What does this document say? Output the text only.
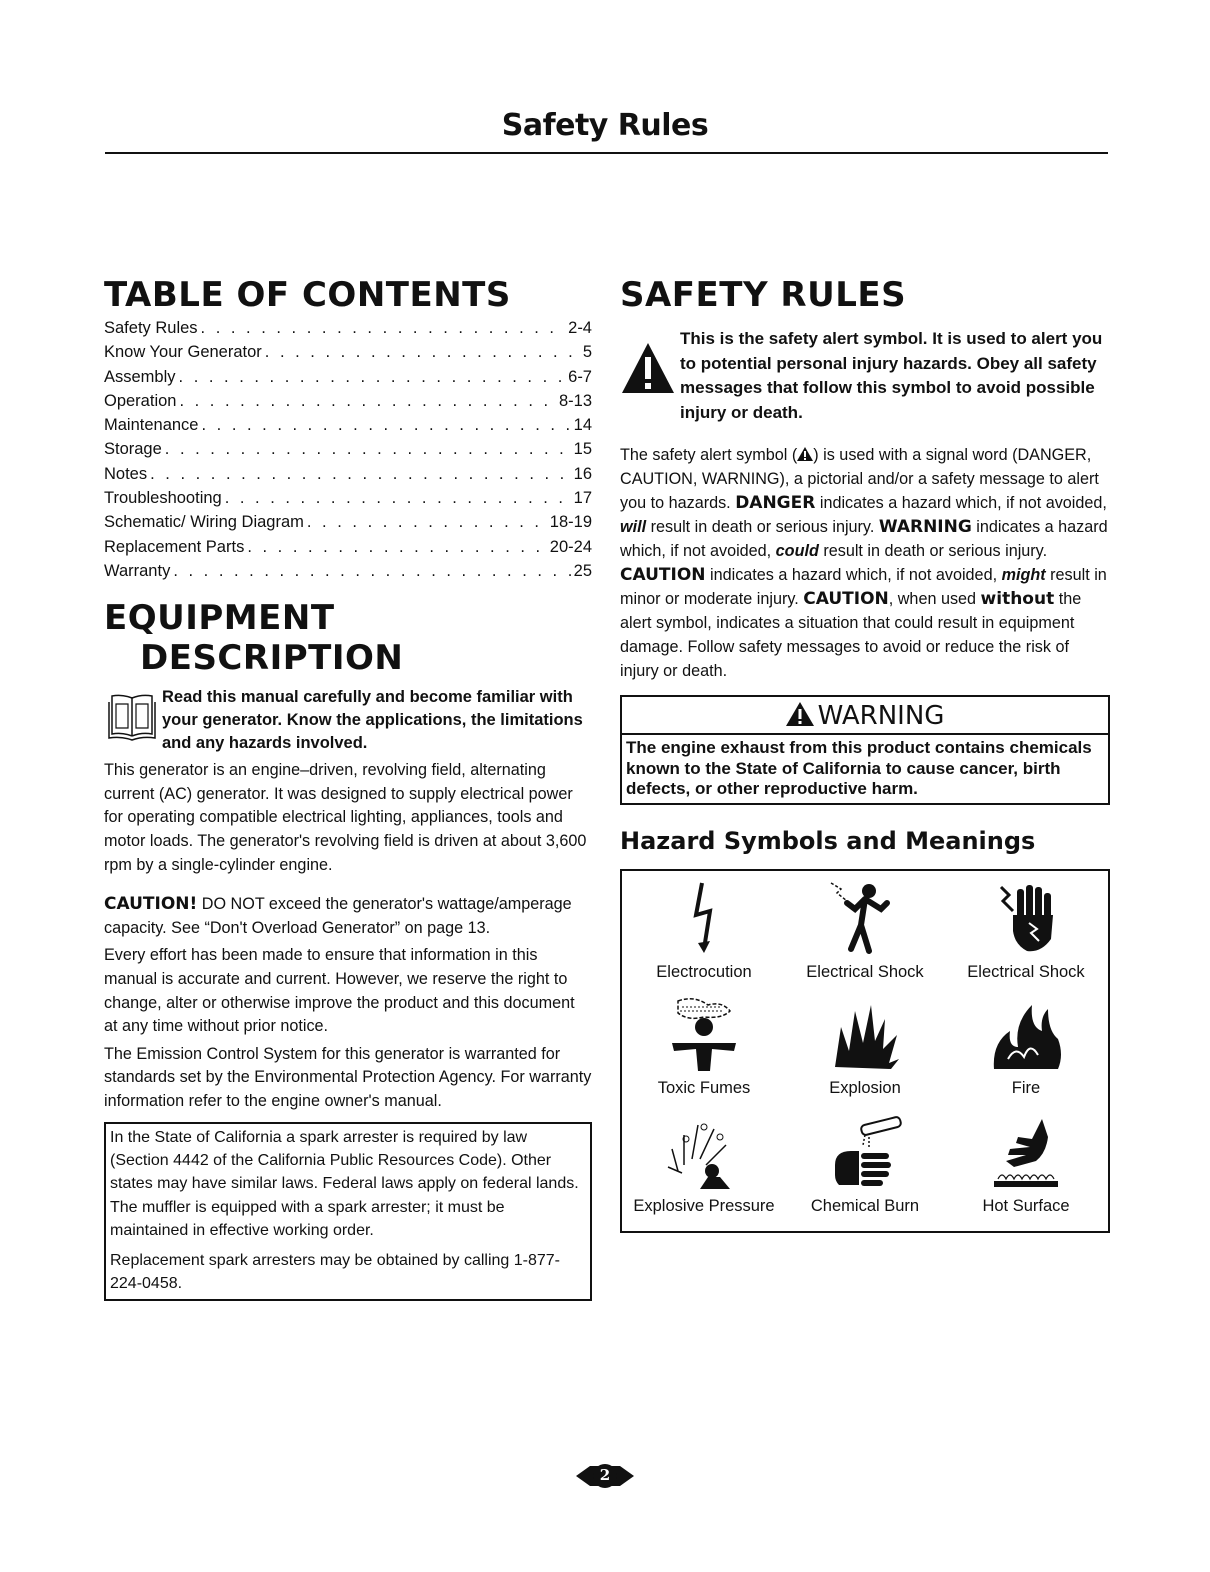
Safety Rules
TABLE OF CONTENTS
Safety Rules . . .	2-4
Know Your Generator . . .	5
Assembly . . .	6-7
Operation . . .	8-13
Maintenance . . .	14
Storage . . .	15
Notes . . .	16
Troubleshooting . . .	17
Schematic/ Wiring Diagram . . .	18-19
Replacement Parts . . .	20-24
Warranty . . .	25
EQUIPMENT
DESCRIPTION
Read this manual carefully and become familiar with your generator. Know the applications, the limitations and any hazards involved.

This generator is an engine–driven, revolving field, alternating current (AC) generator. It was designed to supply electrical power for operating compatible electrical lighting, appliances, tools and motor loads. The generator's revolving field is driven at about 3,600 rpm by a single-cylinder engine.

CAUTION! DO NOT exceed the generator's wattage/amperage capacity. See “Don't Overload Generator” on page 13.

Every effort has been made to ensure that information in this manual is accurate and current. However, we reserve the right to change, alter or otherwise improve the product and this document at any time without prior notice.

The Emission Control System for this generator is warranted for standards set by the Environmental Protection Agency. For warranty information refer to the engine owner's manual.

In the State of California a spark arrester is required by law (Section 4442 of the California Public Resources Code). Other states may have similar laws. Federal laws apply on federal lands. The muffler is equipped with a spark arrester; it must be maintained in effective working order.

Replacement spark arresters may be obtained by calling 1-877-224-0458.

SAFETY RULES
This is the safety alert symbol. It is used to alert you to potential personal injury hazards. Obey all safety messages that follow this symbol to avoid possible injury or death.
The safety alert symbol ( ) is used with a signal word (DANGER, CAUTION, WARNING), a pictorial and/or a safety message to alert you to hazards. DANGER indicates a hazard which, if not avoided, will result in death or serious injury. WARNING indicates a hazard which, if not avoided, could result in death or serious injury.
CAUTION indicates a hazard which, if not avoided, might result in minor or moderate injury. CAUTION, when used without the alert symbol, indicates a situation that could result in equipment damage. Follow safety messages to avoid or reduce the risk of injury or death.
WARNING
The engine exhaust from this product contains chemicals known to the State of California to cause cancer, birth defects, or other reproductive harm.
Hazard Symbols and Meanings
Electrocution	Electrical Shock	Electrical Shock
Toxic Fumes	Explosion	Fire
Explosive Pressure	Chemical Burn	Hot Surface
2
